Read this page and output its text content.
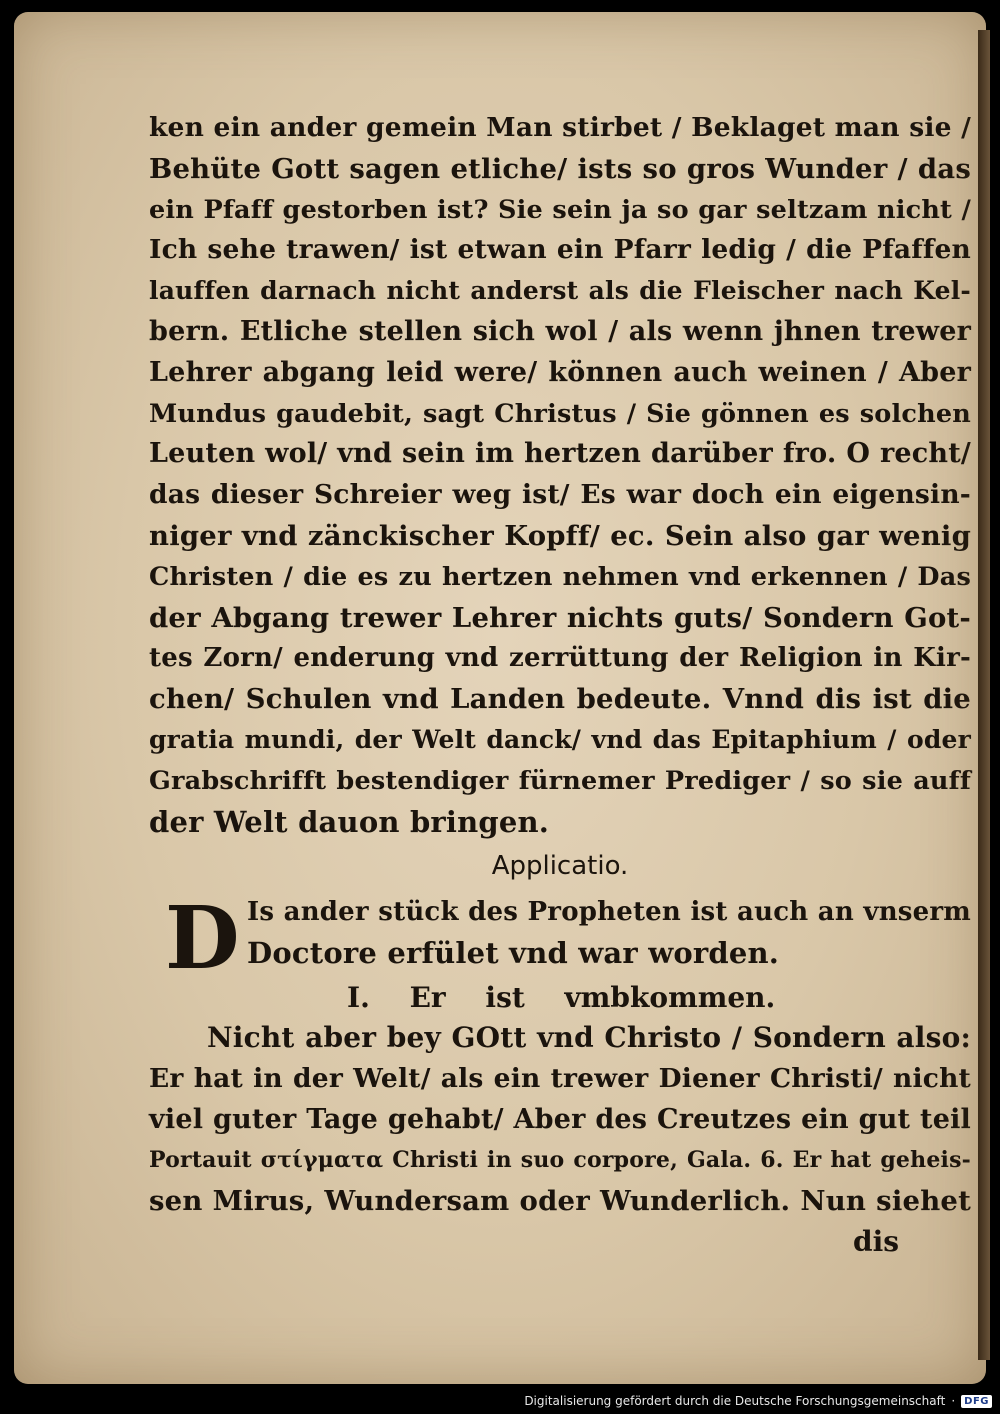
ken ein ander gemein Man stirbet / Beklaget man sie /
Behüte Gott sagen etliche/ ists so gros Wunder / das
ein Pfaff gestorben ist? Sie sein ja so gar seltzam nicht /
Ich sehe trawen/ ist etwan ein Pfarr ledig / die Pfaffen
lauffen darnach nicht anderst als die Fleischer nach Kel-
bern. Etliche stellen sich wol / als wenn jhnen trewer
Lehrer abgang leid were/ können auch weinen / Aber
Mundus gaudebit, sagt Christus / Sie gönnen es solchen
Leuten wol/ vnd sein im hertzen darüber fro. O recht/
das dieser Schreier weg ist/ Es war doch ein eigensin-
niger vnd zänckischer Kopff/ ec. Sein also gar wenig
Christen / die es zu hertzen nehmen vnd erkennen / Das
der Abgang trewer Lehrer nichts guts/ Sondern Got-
tes Zorn/ enderung vnd zerrüttung der Religion in Kir-
chen/ Schulen vnd Landen bedeute. Vnnd dis ist die
gratia mundi, der Welt danck/ vnd das Epitaphium / oder
Grabschrifft bestendiger fürnemer Prediger / so sie auff
der Welt dauon bringen.
Applicatio.
D Is ander stück des Propheten ist auch an vnserm
Doctore erfület vnd war worden.
I. Er ist vmbkommen.
Nicht aber bey GOtt vnd Christo / Sondern also:
Er hat in der Welt/ als ein trewer Diener Christi/ nicht
viel guter Tage gehabt/ Aber des Creutzes ein gut teil
Portauit στίγματα Christi in suo corpore, Gala. 6. Er hat geheis-
sen Mirus, Wundersam oder Wunderlich. Nun siehet
dis
Digitalisierung gefördert durch die Deutsche Forschungsgemeinschaft · DFG
